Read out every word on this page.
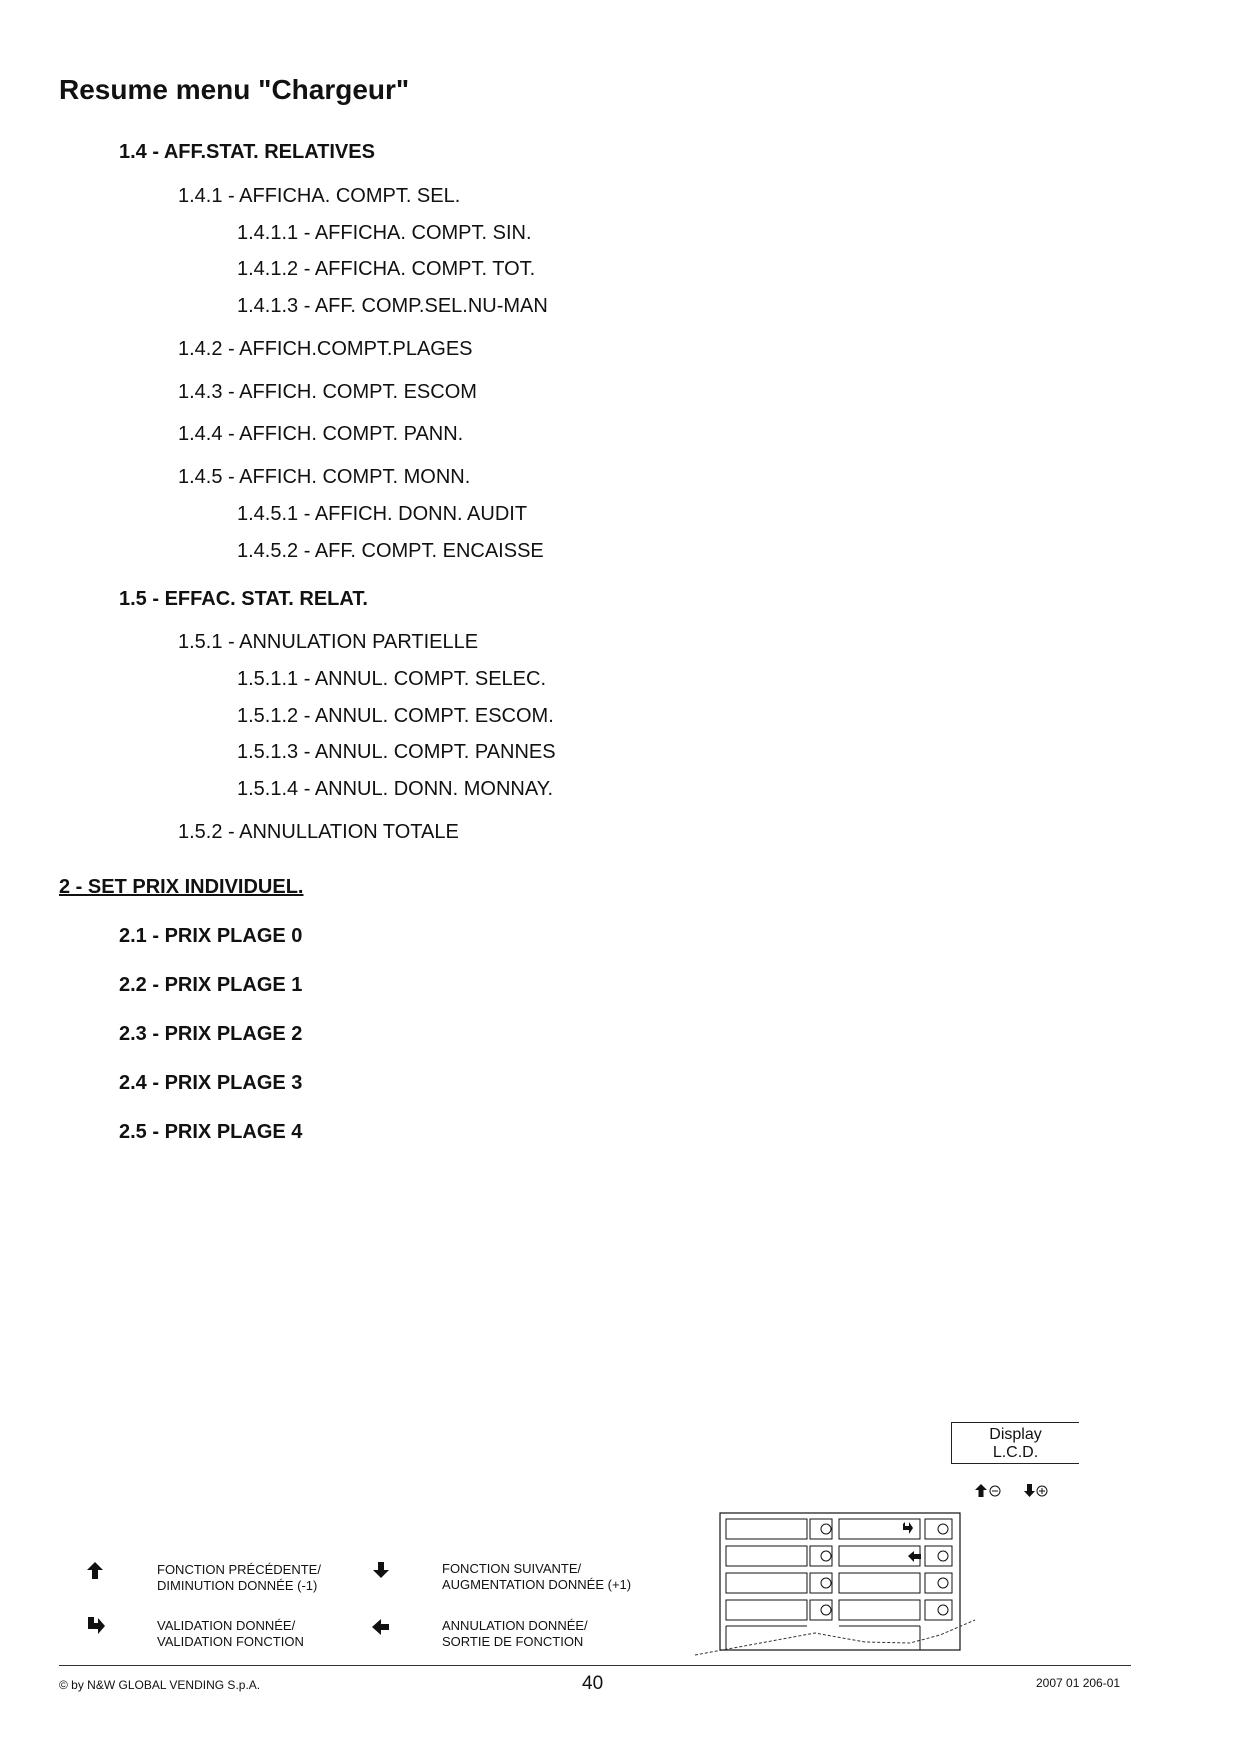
Resume menu "Chargeur"
1.4 - AFF.STAT. RELATIVES
1.4.1 - AFFICHA. COMPT. SEL.
1.4.1.1 - AFFICHA. COMPT. SIN.
1.4.1.2 - AFFICHA. COMPT. TOT.
1.4.1.3 - AFF. COMP.SEL.NU-MAN
1.4.2 - AFFICH.COMPT.PLAGES
1.4.3 - AFFICH. COMPT. ESCOM
1.4.4 - AFFICH. COMPT. PANN.
1.4.5 - AFFICH. COMPT. MONN.
1.4.5.1 - AFFICH. DONN. AUDIT
1.4.5.2 - AFF. COMPT. ENCAISSE
1.5 - EFFAC. STAT. RELAT.
1.5.1 - ANNULATION PARTIELLE
1.5.1.1 - ANNUL. COMPT. SELEC.
1.5.1.2 - ANNUL. COMPT. ESCOM.
1.5.1.3 - ANNUL. COMPT. PANNES
1.5.1.4 - ANNUL. DONN. MONNAY.
1.5.2 - ANNULLATION TOTALE
2 - SET PRIX INDIVIDUEL.
2.1 - PRIX PLAGE 0
2.2 - PRIX PLAGE 1
2.3 - PRIX PLAGE 2
2.4 - PRIX PLAGE 3
2.5 - PRIX PLAGE 4
Display
L.C.D.
FONCTION PRÉCÉDENTE/
DIMINUTION DONNÉE (-1)
FONCTION SUIVANTE/
AUGMENTATION DONNÉE (+1)
VALIDATION DONNÉE/
VALIDATION FONCTION
ANNULATION DONNÉE/
SORTIE DE FONCTION
© by N&W GLOBAL VENDING S.p.A.	40	2007 01 206-01
